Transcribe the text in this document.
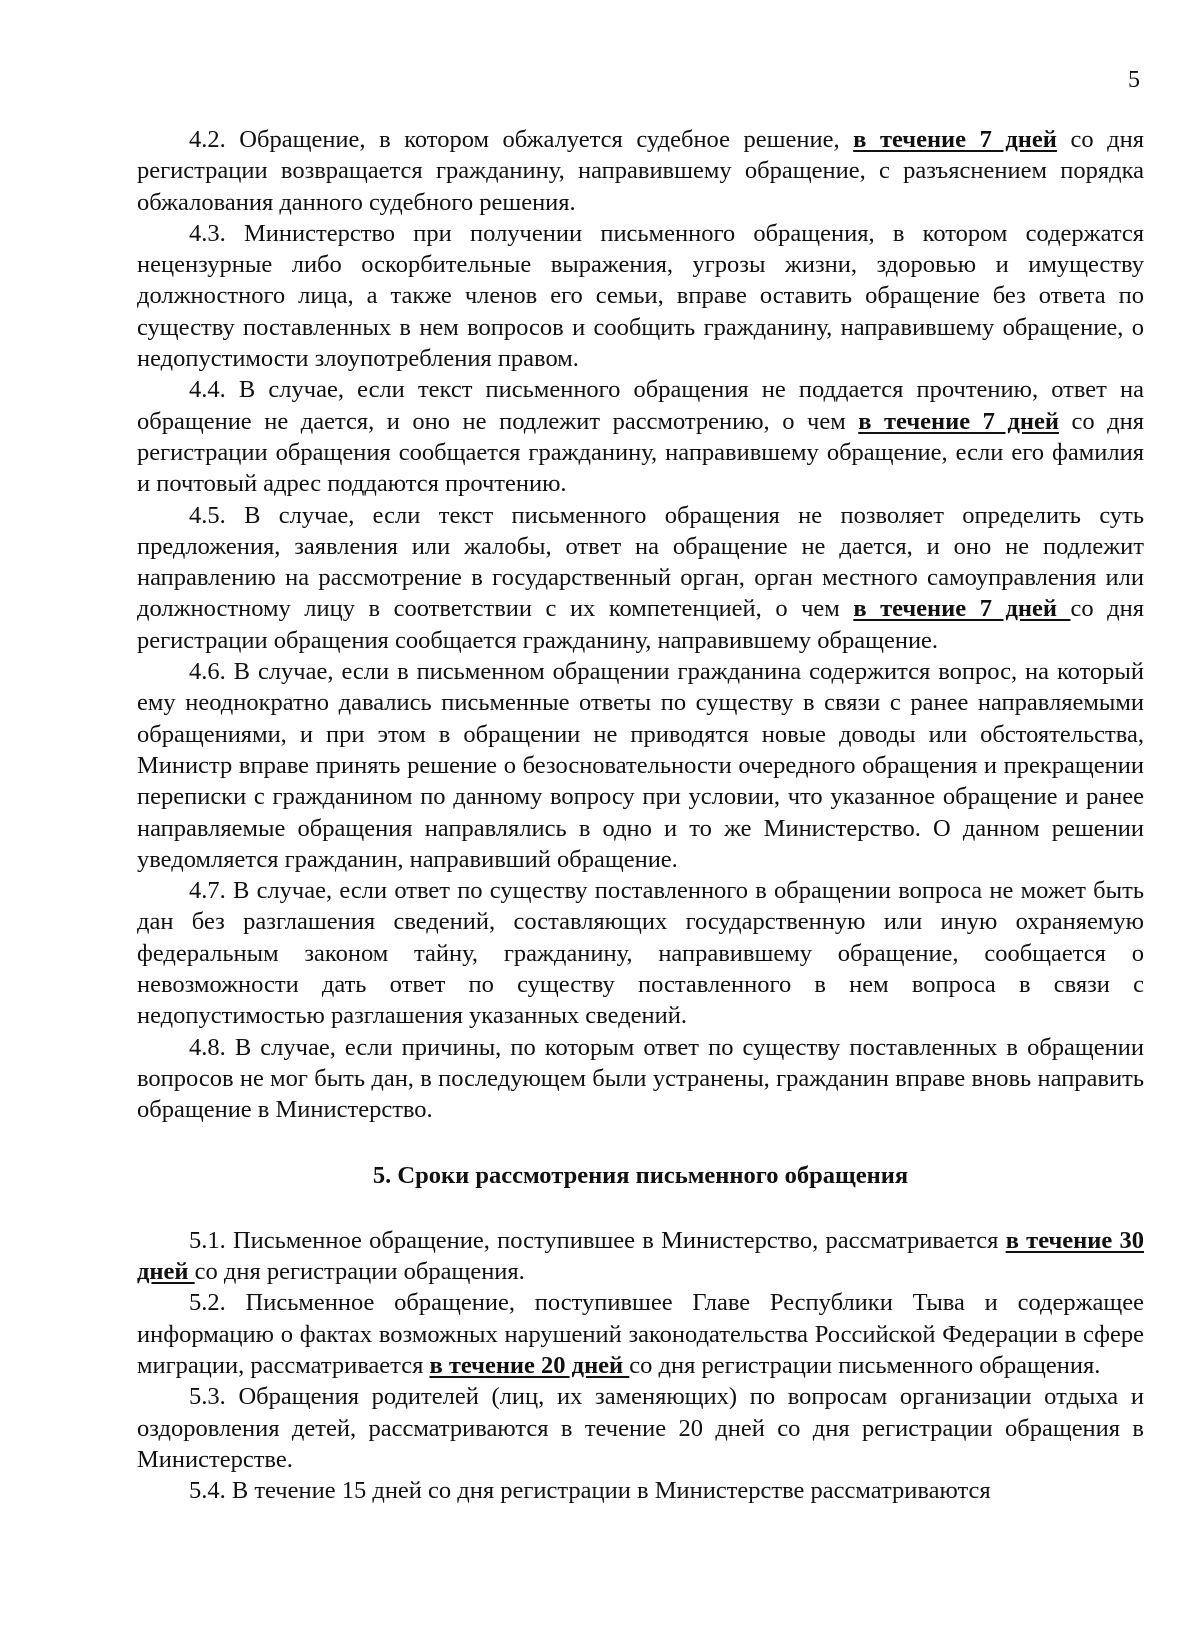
5

4.2. Обращение, в котором обжалуется судебное решение, в течение 7 дней со дня регистрации возвращается гражданину, направившему обращение, с разъяснением порядка обжалования данного судебного решения.

4.3. Министерство при получении письменного обращения, в котором содержатся нецензурные либо оскорбительные выражения, угрозы жизни, здоровью и имуществу должностного лица, а также членов его семьи, вправе оставить обращение без ответа по существу поставленных в нем вопросов и сообщить гражданину, направившему обращение, о недопустимости злоупотребления правом.

4.4. В случае, если текст письменного обращения не поддается прочтению, ответ на обращение не дается, и оно не подлежит рассмотрению, о чем в течение 7 дней со дня регистрации обращения сообщается гражданину, направившему обращение, если его фамилия и почтовый адрес поддаются прочтению.

4.5. В случае, если текст письменного обращения не позволяет определить суть предложения, заявления или жалобы, ответ на обращение не дается, и оно не подлежит направлению на рассмотрение в государственный орган, орган местного самоуправления или должностному лицу в соответствии с их компетенцией, о чем в течение 7 дней со дня регистрации обращения сообщается гражданину, направившему обращение.

4.6. В случае, если в письменном обращении гражданина содержится вопрос, на который ему неоднократно давались письменные ответы по существу в связи с ранее направляемыми обращениями, и при этом в обращении не приводятся новые доводы или обстоятельства, Министр вправе принять решение о безосновательности очередного обращения и прекращении переписки с гражданином по данному вопросу при условии, что указанное обращение и ранее направляемые обращения направлялись в одно и то же Министерство. О данном решении уведомляется гражданин, направивший обращение.

4.7. В случае, если ответ по существу поставленного в обращении вопроса не может быть дан без разглашения сведений, составляющих государственную или иную охраняемую федеральным законом тайну, гражданину, направившему обращение, сообщается о невозможности дать ответ по существу поставленного в нем вопроса в связи с недопустимостью разглашения указанных сведений.

4.8. В случае, если причины, по которым ответ по существу поставленных в обращении вопросов не мог быть дан, в последующем были устранены, гражданин вправе вновь направить обращение в Министерство.

5. Сроки рассмотрения письменного обращения

5.1. Письменное обращение, поступившее в Министерство, рассматривается в течение 30 дней со дня регистрации обращения.

5.2. Письменное обращение, поступившее Главе Республики Тыва и содержащее информацию о фактах возможных нарушений законодательства Российской Федерации в сфере миграции, рассматривается в течение 20 дней со дня регистрации письменного обращения.

5.3. Обращения родителей (лиц, их заменяющих) по вопросам организации отдыха и оздоровления детей, рассматриваются в течение 20 дней со дня регистрации обращения в Министерстве.

5.4. В течение 15 дней со дня регистрации в Министерстве рассматриваются
